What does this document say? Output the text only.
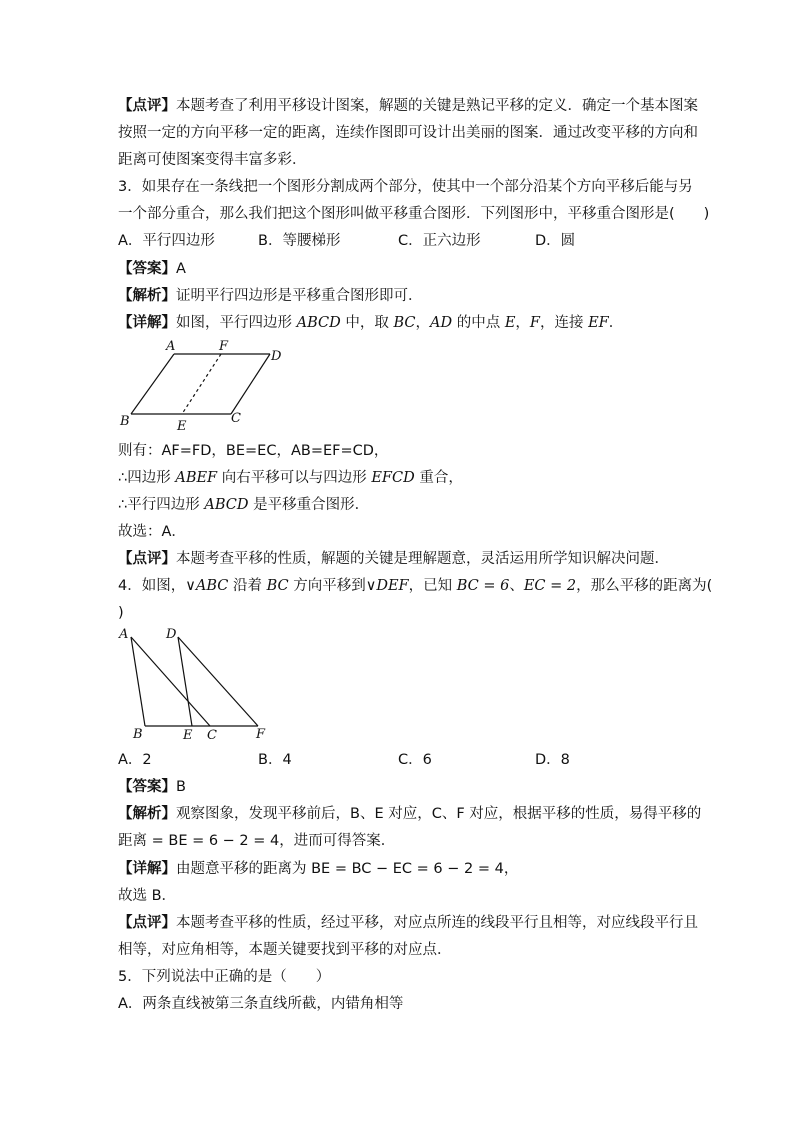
【点评】本题考查了利用平移设计图案，解题的关键是熟记平移的定义．确定一个基本图案
按照一定的方向平移一定的距离，连续作图即可设计出美丽的图案．通过改变平移的方向和
距离可使图案变得丰富多彩．
3．如果存在一条线把一个图形分割成两个部分，使其中一个部分沿某个方向平移后能与另
一个部分重合，那么我们把这个图形叫做平移重合图形．下列图形中，平移重合图形是(　　)
A．平行四边形	B．等腰梯形	C．正六边形	D．圆
【答案】A
【解析】证明平行四边形是平移重合图形即可．
【详解】如图，平行四边形 ABCD 中，取 BC，AD 的中点 E，F，连接 EF．
A	F
D
B	E
C
则有：AF=FD，BE=EC，AB=EF=CD，
∴四边形 ABEF 向右平移可以与四边形 EFCD 重合，
∴平行四边形 ABCD 是平移重合图形．
故选：A．
【点评】本题考查平移的性质，解题的关键是理解题意，灵活运用所学知识解决问题．
4．如图，∨ABC 沿着 BC 方向平移到∨DEF，已知 BC = 6、EC = 2，那么平移的距离为(
)
A	D
B	E C	F
A．2	B．4	C．6	D．8
【答案】B
【解析】观察图象，发现平移前后，B、E 对应，C、F 对应，根据平移的性质，易得平移的
距离 = BE = 6 − 2 = 4，进而可得答案．
【详解】由题意平移的距离为 BE = BC − EC = 6 − 2 = 4，
故选 B．
【点评】本题考查平移的性质，经过平移，对应点所连的线段平行且相等，对应线段平行且
相等，对应角相等，本题关键要找到平移的对应点．
5．下列说法中正确的是（　　）
A．两条直线被第三条直线所截，内错角相等
